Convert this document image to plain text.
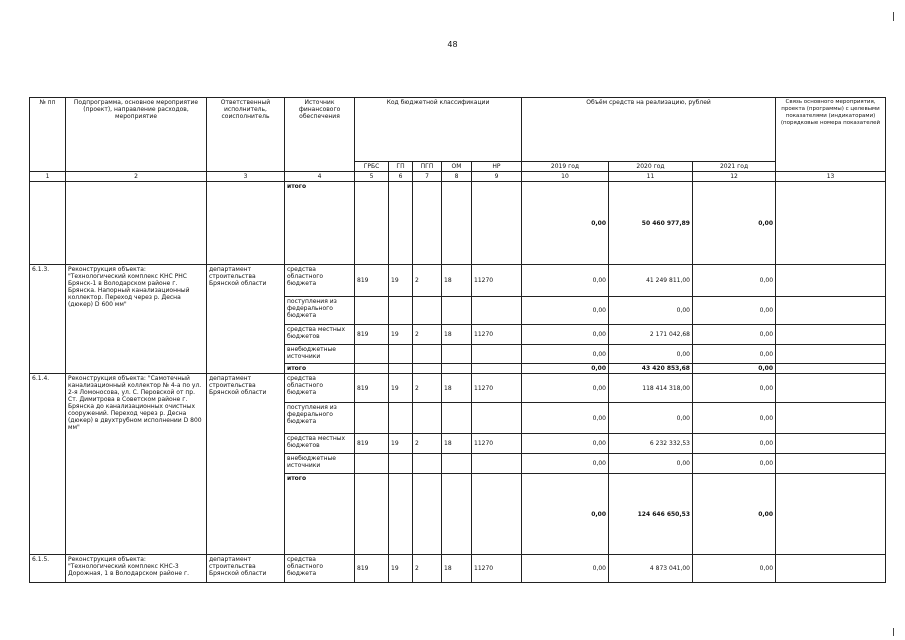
48
№ пп	Подпрограмма, основное мероприятие (проект), направление расходов, мероприятие	Ответственный исполнитель, соисполнитель	Источник финансового обеспечения	Код бюджетной классификации					Объём средств на реализацию, рублей			Связь основного мероприятия, проекта (программы) с целевыми показателями (индикаторами) (порядковые номера показателей
				ГРБС	ГП	ПГП	ОМ	НР	2019 год	2020 год	2021 год	
1	2	3	4	5	6	7	8	9	10	11	12	13
			итого						0,00	50 460 977,89	0,00	
6.1.3.	Реконструкция объекта: "Технологический комплекс КНС РНС Брянск-1 в Володарском районе г. Брянска. Напорный канализационный коллектор. Переход через р. Десна (дюкер) D 600 мм"	департамент строительства Брянской области	средства областного бюджета	819	19	2	18	11270	0,00	41 249 811,00	0,00	
			поступления из федерального бюджета						0,00	0,00	0,00	
			средства местных бюджетов	819	19	2	18	11270	0,00	2 171 042,68	0,00	
			внебюджетные источники						0,00	0,00	0,00	
			итого						0,00	43 420 853,68	0,00	
6.1.4.	Реконструкция объекта: "Самотечный канализационный коллектор № 4-а по ул. 2-я Ломоносова, ул. С. Перовской от пр. Ст. Димитрова в Советском районе г. Брянска до канализационных очистных сооружений. Переход через р. Десна (дюкер) в двухтрубном исполнении D 800 мм"	департамент строительства Брянской области	средства областного бюджета	819	19	2	18	11270	0,00	118 414 318,00	0,00	
			поступления из федерального бюджета						0,00	0,00	0,00	
			средства местных бюджетов	819	19	2	18	11270	0,00	6 232 332,53	0,00	
			внебюджетные источники						0,00	0,00	0,00	
			итого						0,00	124 646 650,53	0,00	
6.1.5.	Реконструкция объекта: "Технологический комплекс КНС-3 Дорожная, 1 в Володарском районе г.	департамент строительства Брянской области	средства областного бюджета	819	19	2	18	11270	0,00	4 873 041,00	0,00	
